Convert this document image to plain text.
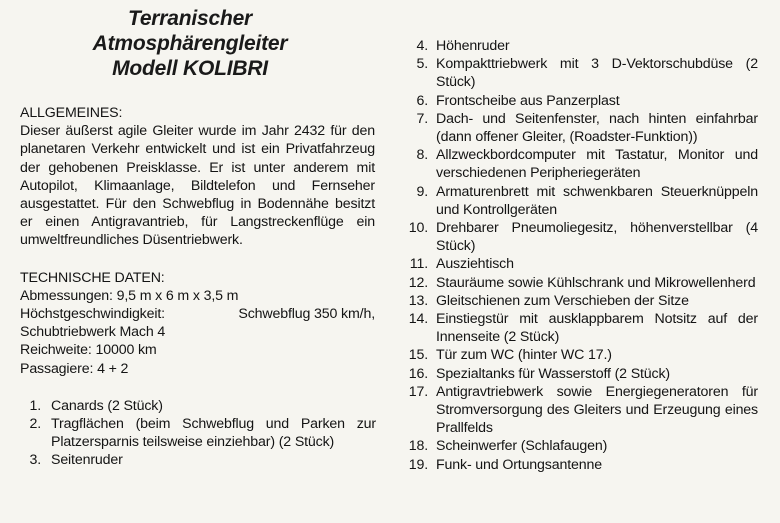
Terranischer
Atmosphärengleiter
Modell KOLIBRI
ALLGEMEINES:
Dieser äußerst agile Gleiter wurde im Jahr 2432 für den planetaren Verkehr entwickelt und ist ein Privatfahrzeug der gehobenen Preisklasse. Er ist unter anderem mit Autopilot, Klimaanlage, Bildtelefon und Fernseher ausgestattet. Für den Schwebflug in Bodennähe besitzt er einen Antigravantrieb, für Langstreckenflüge ein umweltfreundliches Düsentriebwerk.
TECHNISCHE DATEN:
Abmessungen: 9,5 m x 6 m x 3,5 m
Höchstgeschwindigkeit:	Schwebflug 350 km/h,
Schubtriebwerk Mach 4
Reichweite: 10000 km
Passagiere: 4 + 2
1. Canards (2 Stück)
2. Tragflächen (beim Schwebflug und Parken zur Platzersparnis teilsweise einziehbar) (2 Stück)
3. Seitenruder
4. Höhenruder
5. Kompakttriebwerk mit 3 D-Vektorschubdüse (2 Stück)
6. Frontscheibe aus Panzerplast
7. Dach- und Seitenfenster, nach hinten einfahrbar (dann offener Gleiter, (Roadster-Funktion))
8. Allzweckbordcomputer mit Tastatur, Monitor und verschiedenen Peripheriegeräten
9. Armaturenbrett mit schwenkbaren Steuerknüppeln und Kontrollgeräten
10. Drehbarer Pneumoliegesitz, höhenverstellbar (4 Stück)
11. Ausziehtisch
12. Stauräume sowie Kühlschrank und Mikrowellenherd
13. Gleitschienen zum Verschieben der Sitze
14. Einstiegstür mit ausklappbarem Notsitz auf der Innenseite (2 Stück)
15. Tür zum WC (hinter WC 17.)
16. Spezialtanks für Wasserstoff (2 Stück)
17. Antigravtriebwerk sowie Energiegeneratoren für Stromversorgung des Gleiters und Erzeugung eines Prallfelds
18. Scheinwerfer (Schlafaugen)
19. Funk- und Ortungsantenne
